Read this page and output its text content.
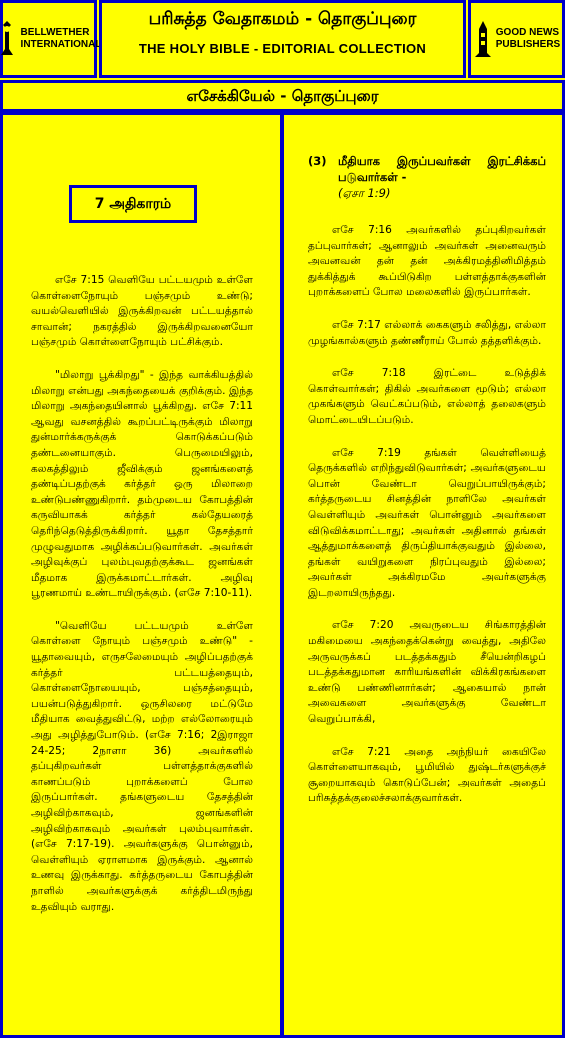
BELLWETHER
INTERNATIONAL
பரிசுத்த வேதாகமம் - தொகுப்புரை
THE HOLY BIBLE - EDITORIAL COLLECTION
GOOD NEWS
PUBLISHERS
எசேக்கியேல் - தொகுப்புரை
7 அதிகாரம்

எசே 7:15 வெளியே பட்டயமும் உள்ளே கொள்ளைநோயும் பஞ்சமும் உண்டு; வயல்வெளியில் இருக்கிறவன் பட்டயத்தால் சாவான்; நகரத்தில் இருக்கிறவனையோ பஞ்சமும் கொள்ளைநோயும் பட்சிக்கும்.

"மிலாறு பூக்கிறது" - இந்த வாக்கியத்தில் மிலாறு என்பது அகந்தையைக் குறிக்கும். இந்த மிலாறு அகந்தையினால் பூக்கிறது. எசே 7:11 ஆவது வசனத்தில் கூறப்பட்டிருக்கும் மிலாறு துன்மார்க்கருக்குக் கொடுக்கப்படும் தண்டனையாகும். பெருமையிலும், கலகத்திலும் ஜீவிக்கும் ஜனங்களைத் தண்டிப்பதற்குக் கர்த்தர் ஒரு மிலாறை உண்டுபண்ணுகிறார். தம்முடைய கோபத்தின் கருவியாகக் கர்த்தர் கல்தேயரைத் தெரிந்தெடுத்திருக்கிறார். யூதா தேசத்தார் முழுவதுமாக அழிக்கப்படுவார்கள். அவர்கள் அழிவுக்குப் புலம்புவதற்குக்கூட ஜனங்கள் மீதமாக இருக்கமாட்டார்கள். அழிவு பூரணமாய் உண்டாயிருக்கும். (எசே 7:10-11).

"வெளியே பட்டயமும் உள்ளே கொள்ளை நோயும் பஞ்சமும் உண்டு" - யூதாவையும், எருசலேமையும் அழிப்பதற்குக் கர்த்தர் பட்டயத்தையும், கொள்ளைநோயையும், பஞ்சத்தையும், பயன்படுத்துகிறார். ஒருசிலரை மட்டுமே மீதியாக வைத்துவிட்டு, மற்ற எல்லோரையும் அது அழித்துபோடும். (எசே 7:16; 2இராஜா 24-25; 2நாளா 36) அவர்களில் தப்புகிறவர்கள் பள்ளத்தாக்குகளில் காணப்படும் புறாக்களைப் போல இருப்பார்கள். தங்களுடைய தேசத்தின் அழிவிற்காகவும், ஜனங்களின் அழிவிற்காகவும் அவர்கள் புலம்புவார்கள். (எசே 7:17-19). அவர்களுக்கு பொன்னும், வெள்ளியும் ஏராளமாக இருக்கும். ஆனால் உணவு இருக்காது. கர்த்தருடைய கோபத்தின் நாளில் அவர்களுக்குக் கர்த்திடமிருந்து உதவியும் வராது.

(3) மீதியாக இருப்பவர்கள் இரட்சிக்கப் படுவார்கள் -
(ஏசா 1:9)

எசே 7:16 அவர்களில் தப்புகிறவர்கள் தப்புவார்கள்; ஆனாலும் அவர்கள் அனைவரும் அவனவன் தன் தன் அக்கிரமத்தினிமித்தம் துக்கித்துக் கூப்பிடுகிற பள்ளத்தாக்குகளின் புறாக்களைப் போல மலைகளில் இருப்பார்கள்.

எசே 7:17 எல்லாக் கைகளும் சலித்து, எல்லா முழங்கால்களும் தண்ணீராய் போல் தத்தளிக்கும்.

எசே 7:18 இரட்டை உடுத்திக் கொள்வார்கள்; திகில் அவர்களை மூடும்; எல்லா முகங்களும் வெட்கப்படும், எல்லாத் தலைகளும் மொட்டையிடப்படும்.

எசே 7:19 தங்கள் வெள்ளியைத் தெருக்களில் எறிந்துவிடுவார்கள்; அவர்களுடைய பொன் வேண்டா வெறுப்பாயிருக்கும்; கர்த்தருடைய சினத்தின் நாளிலே அவர்கள் வெள்ளியும் அவர்கள் பொன்னும் அவர்களை விடுவிக்கமாட்டாது; அவர்கள் அதினால் தங்கள் ஆத்துமாக்களைத் திருப்தியாக்குவதும் இல்லை, தங்கள் வயிறுகளை நிரப்புவதும் இல்லை; அவர்கள் அக்கிரமமே அவர்களுக்கு இடறலாயிருந்தது.

எசே 7:20 அவருடைய சிங்காரத்தின் மகிமையை அகந்தைக்கென்று வைத்து, அதிலே அருவருக்கப் படத்தக்கதும் சீயென்றிகழப் படத்தக்கதுமான காரியங்களின் விக்கிரகங்களை உண்டு பண்ணினார்கள்; ஆகையால் நான் அவைகளை அவர்களுக்கு வேண்டா வெறுப்பாக்கி,

எசே 7:21 அதை அந்நியர் கையிலே கொள்ளையாகவும், பூமியில் துஷ்டர்களுக்குச் சூறையாகவும் கொடுப்பேன்; அவர்கள் அதைப் பரிசுத்தக்குலைச்சலாக்குவார்கள்.
